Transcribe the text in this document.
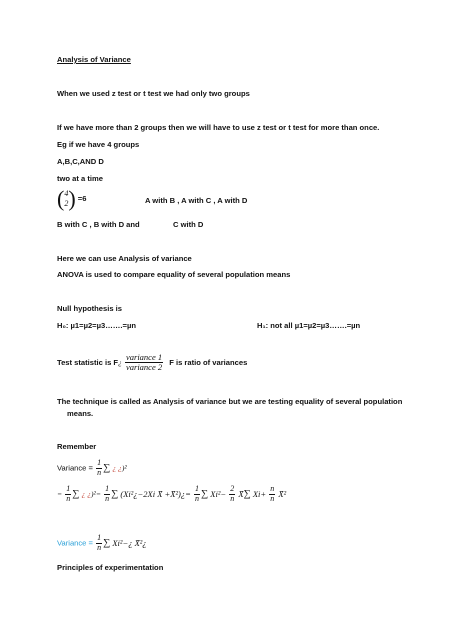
Analysis of Variance
When we used z test or t test we had only two groups
If we have more than 2 groups then we will have to use z test or t test for more than once.
Eg if we have 4 groups
A,B,C,AND D
two at a time
(4
2) =6	A with B , A with C , A with D
B with C , B with D and	C with D
Here we can use Analysis of variance
ANOVA is used to compare equality of several population means
Null hypothesis is
H₀: µ1=µ2=µ3…….=µn	H₁: not all µ1=µ2=µ3…….=µn
Test statistic is F¿ $\frac{\text{variance 1}}{\text{variance 2}}$ F is ratio of variances
The technique is called as Analysis of variance but we are testing equality of several population
means.
Remember
Variance = $\frac{1}{n}$ ∑ ¿ ¿)²
= $\frac{1}{n}$ ∑ ¿ ¿)$^2= \frac{1}{n}$ ∑ (Xi²¿−2Xi X̄ +X̄²)¿= $\frac{1}{n}$ ∑ $Xi^2- \frac{2}{n}$ X̄∑ $Xi+ \frac{n}{n}$ X̄²
Variance = $\frac{1}{n}$ ∑ Xi²−¿ X̄²¿
Principles of experimentation
